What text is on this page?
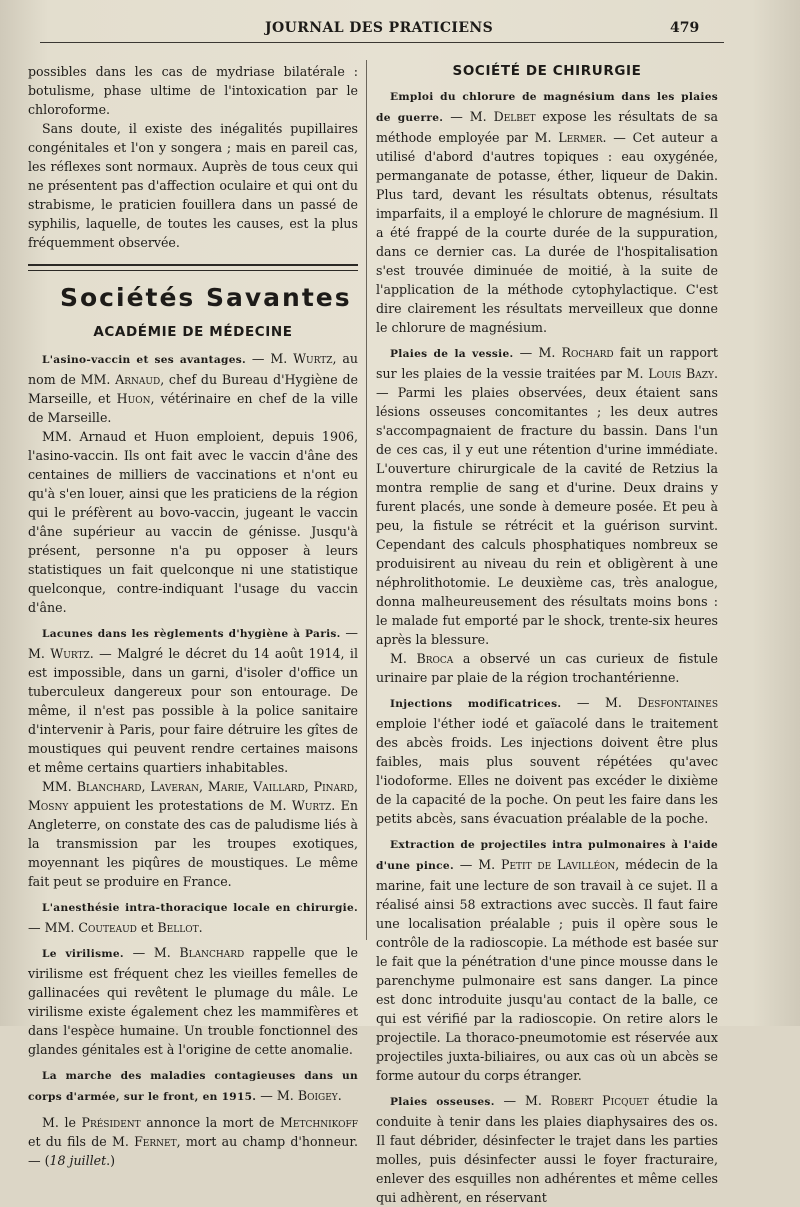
JOURNAL DES PRATICIENS	479

possibles dans les cas de mydriase bilatérale : botulisme, phase ultime de l'intoxication par le chloroforme.

Sans doute, il existe des inégalités pupillaires congénitales et l'on y songera ; mais en pareil cas, les réflexes sont normaux. Auprès de tous ceux qui ne présentent pas d'affection oculaire et qui ont du strabisme, le praticien fouillera dans un passé de syphilis, laquelle, de toutes les causes, est la plus fréquemment observée.

Sociétés Savantes
ACADÉMIE DE MÉDECINE

L'asino-vaccin et ses avantages. — M. Wurtz, au nom de MM. Arnaud, chef du Bureau d'Hygiène de Marseille, et Huon, vétérinaire en chef de la ville de Marseille.

MM. Arnaud et Huon emploient, depuis 1906, l'asino-vaccin. Ils ont fait avec le vaccin d'âne des centaines de milliers de vaccinations et n'ont eu qu'à s'en louer, ainsi que les praticiens de la région qui le préfèrent au bovo-vaccin, jugeant le vaccin d'âne supérieur au vaccin de génisse. Jusqu'à présent, personne n'a pu opposer à leurs statistiques un fait quelconque ni une statistique quelconque, contre-indiquant l'usage du vaccin d'âne.

Lacunes dans les règlements d'hygiène à Paris. — M. Wurtz. — Malgré le décret du 14 août 1914, il est impossible, dans un garni, d'isoler d'office un tuberculeux dangereux pour son entourage. De même, il n'est pas possible à la police sanitaire d'intervenir à Paris, pour faire détruire les gîtes de moustiques qui peuvent rendre certaines maisons et même certains quartiers inhabitables.

MM. Blanchard, Laveran, Marie, Vaillard, Pinard, Mosny appuient les protestations de M. Wurtz. En Angleterre, on constate des cas de paludisme liés à la transmission par les troupes exotiques, moyennant les piqûres de moustiques. Le même fait peut se produire en France.

L'anesthésie intra-thoracique locale en chirurgie. — MM. Couteaud et Bellot.

Le virilisme. — M. Blanchard rappelle que le virilisme est fréquent chez les vieilles femelles de gallinacées qui revêtent le plumage du mâle. Le virilisme existe également chez les mammifères et dans l'espèce humaine. Un trouble fonctionnel des glandes génitales est à l'origine de cette anomalie.

La marche des maladies contagieuses dans un corps d'armée, sur le front, en 1915. — M. Boigey.

M. le Président annonce la mort de Metchnikoff et du fils de M. Fernet, mort au champ d'honneur. — (18 juillet.)

SOCIÉTÉ DE CHIRURGIE

Emploi du chlorure de magnésium dans les plaies de guerre. — M. Delbet expose les résultats de sa méthode employée par M. Lermer. — Cet auteur a utilisé d'abord d'autres topiques : eau oxygénée, permanganate de potasse, éther, liqueur de Dakin. Plus tard, devant les résultats obtenus, résultats imparfaits, il a employé le chlorure de magnésium. Il a été frappé de la courte durée de la suppuration, dans ce dernier cas. La durée de l'hospitalisation s'est trouvée diminuée de moitié, à la suite de l'application de la méthode cytophylactique. C'est dire clairement les résultats merveilleux que donne le chlorure de magnésium.

Plaies de la vessie. — M. Rochard fait un rapport sur les plaies de la vessie traitées par M. Louis Bazy. — Parmi les plaies observées, deux étaient sans lésions osseuses concomitantes ; les deux autres s'accompagnaient de fracture du bassin. Dans l'un de ces cas, il y eut une rétention d'urine immédiate. L'ouverture chirurgicale de la cavité de Retzius la montra remplie de sang et d'urine. Deux drains y furent placés, une sonde à demeure posée. Et peu à peu, la fistule se rétrécit et la guérison survint. Cependant des calculs phosphatiques nombreux se produisirent au niveau du rein et obligèrent à une néphrolithotomie. Le deuxième cas, très analogue, donna malheureusement des résultats moins bons : le malade fut emporté par le shock, trente-six heures après la blessure.

M. Broca a observé un cas curieux de fistule urinaire par plaie de la région trochantérienne.

Injections modificatrices. — M. Desfontaines emploie l'éther iodé et gaïacolé dans le traitement des abcès froids. Les injections doivent être plus faibles, mais plus souvent répétées qu'avec l'iodoforme. Elles ne doivent pas excéder le dixième de la capacité de la poche. On peut les faire dans les petits abcès, sans évacuation préalable de la poche.

Extraction de projectiles intra pulmonaires à l'aide d'une pince. — M. Petit de Lavilléon, médecin de la marine, fait une lecture de son travail à ce sujet. Il a réalisé ainsi 58 extractions avec succès. Il faut faire une localisation préalable ; puis il opère sous le contrôle de la radioscopie. La méthode est basée sur le fait que la pénétration d'une pince mousse dans le parenchyme pulmonaire est sans danger. La pince est donc introduite jusqu'au contact de la balle, ce qui est vérifié par la radioscopie. On retire alors le projectile. La thoraco-pneumotomie est réservée aux projectiles juxta-biliaires, ou aux cas où un abcès se forme autour du corps étranger.

Plaies osseuses. — M. Robert Picquet étudie la conduite à tenir dans les plaies diaphysaires des os. Il faut débrider, désinfecter le trajet dans les parties molles, puis désinfecter aussi le foyer fracturaire, enlever des esquilles non adhérentes et même celles qui adhèrent, en réservant
